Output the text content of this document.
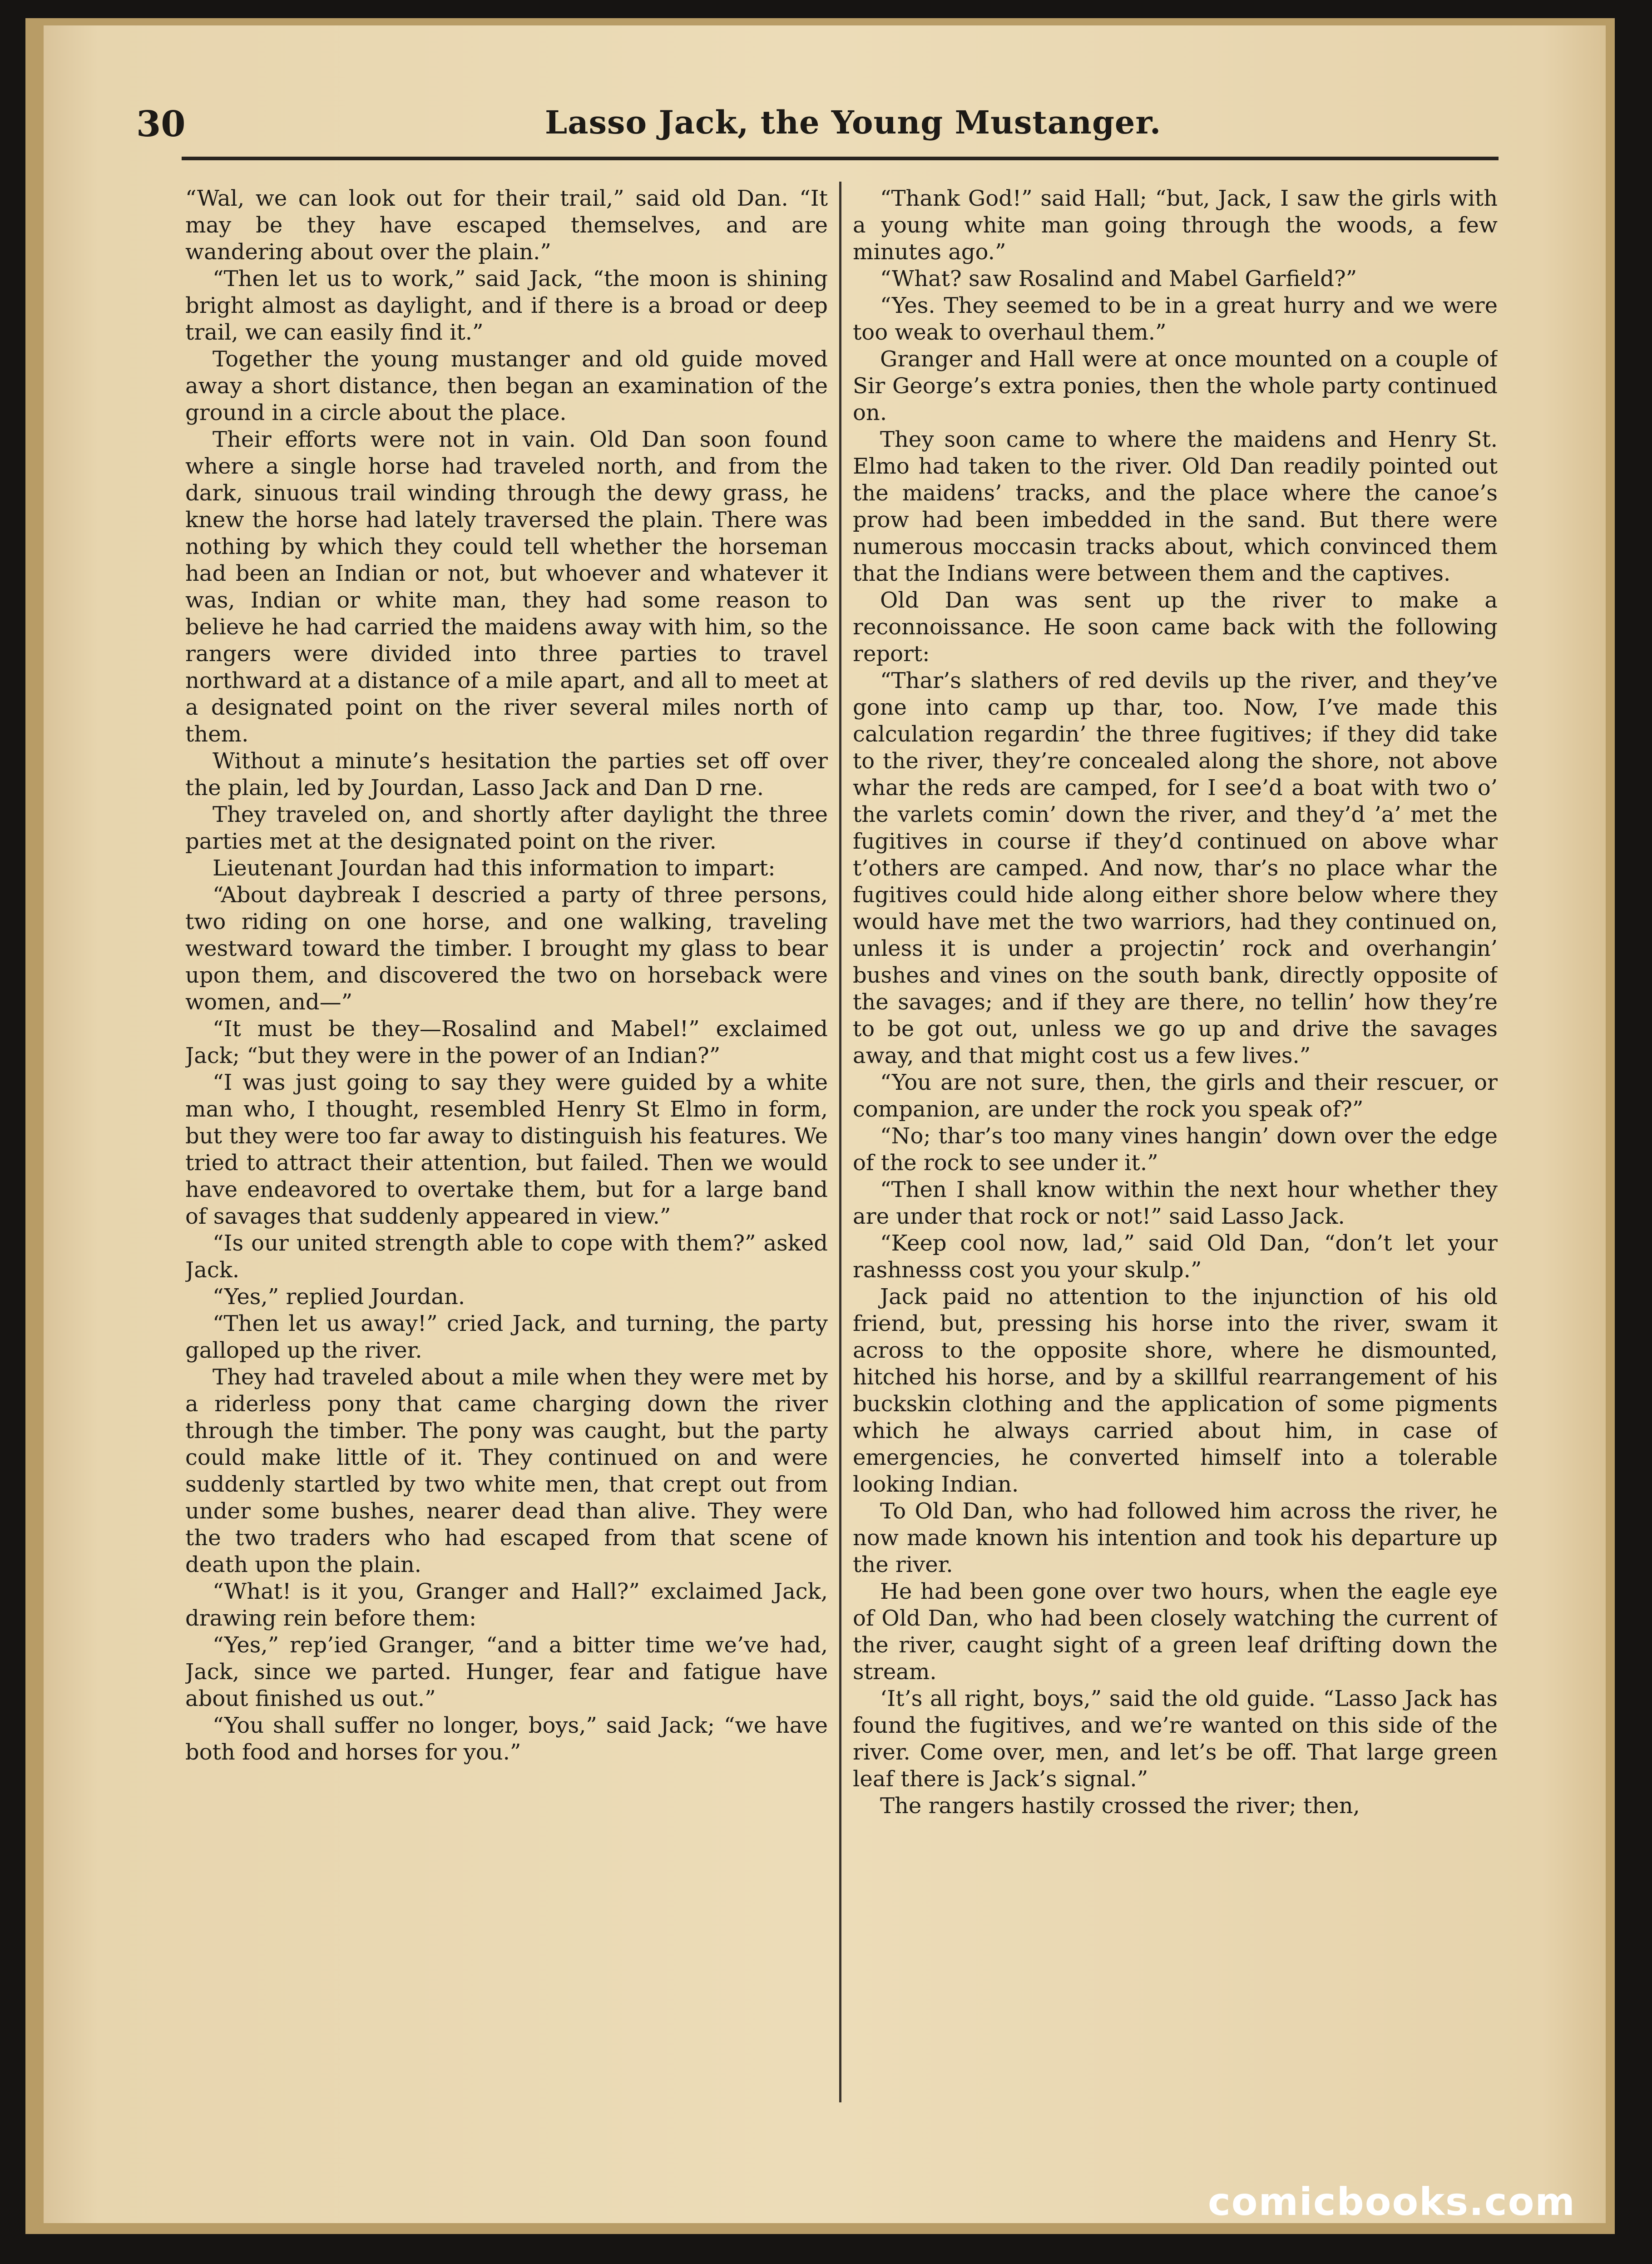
30	Lasso Jack, the Young Mustanger.

“Wal, we can look out for their trail,” said old Dan. “It may be they have escaped themselves, and are wandering about over the plain.”

“Then let us to work,” said Jack, “the moon is shining bright almost as daylight, and if there is a broad or deep trail, we can easily find it.”

Together the young mustanger and old guide moved away a short distance, then began an examination of the ground in a circle about the place.

Their efforts were not in vain. Old Dan soon found where a single horse had traveled north, and from the dark, sinuous trail winding through the dewy grass, he knew the horse had lately traversed the plain. There was nothing by which they could tell whether the horseman had been an Indian or not, but whoever and whatever it was, Indian or white man, they had some reason to believe he had carried the maidens away with him, so the rangers were divided into three parties to travel northward at a distance of a mile apart, and all to meet at a designated point on the river several miles north of them.

Without a minute’s hesitation the parties set off over the plain, led by Jourdan, Lasso Jack and Dan D rne.

They traveled on, and shortly after daylight the three parties met at the designated point on the river.

Lieutenant Jourdan had this information to impart:

“About daybreak I descried a party of three persons, two riding on one horse, and one walking, traveling westward toward the timber. I brought my glass to bear upon them, and discovered the two on horseback were women, and—”

“It must be they—Rosalind and Mabel!” exclaimed Jack; “but they were in the power of an Indian?”

“I was just going to say they were guided by a white man who, I thought, resembled Henry St Elmo in form, but they were too far away to distinguish his features. We tried to attract their attention, but failed. Then we would have endeavored to overtake them, but for a large band of savages that suddenly appeared in view.”

“Is our united strength able to cope with them?” asked Jack.

“Yes,” replied Jourdan.

“Then let us away!” cried Jack, and turning, the party galloped up the river.

They had traveled about a mile when they were met by a riderless pony that came charging down the river through the timber. The pony was caught, but the party could make little of it. They continued on and were suddenly startled by two white men, that crept out from under some bushes, nearer dead than alive. They were the two traders who had escaped from that scene of death upon the plain.

“What! is it you, Granger and Hall?” exclaimed Jack, drawing rein before them:

“Yes,” rep’ied Granger, “and a bitter time we’ve had, Jack, since we parted. Hunger, fear and fatigue have about finished us out.”

“You shall suffer no longer, boys,” said Jack; “we have both food and horses for you.”

“Thank God!” said Hall; “but, Jack, I saw the girls with a young white man going through the woods, a few minutes ago.”

“What? saw Rosalind and Mabel Garfield?”

“Yes. They seemed to be in a great hurry and we were too weak to overhaul them.”

Granger and Hall were at once mounted on a couple of Sir George’s extra ponies, then the whole party continued on.

They soon came to where the maidens and Henry St. Elmo had taken to the river. Old Dan readily pointed out the maidens’ tracks, and the place where the canoe’s prow had been imbedded in the sand. But there were numerous moccasin tracks about, which convinced them that the Indians were between them and the captives.

Old Dan was sent up the river to make a reconnoissance. He soon came back with the following report:

“Thar’s slathers of red devils up the river, and they’ve gone into camp up thar, too. Now, I’ve made this calculation regardin’ the three fugitives; if they did take to the river, they’re concealed along the shore, not above whar the reds are camped, for I see’d a boat with two o’ the varlets comin’ down the river, and they’d ’a’ met the fugitives in course if they’d continued on above whar t’others are camped. And now, thar’s no place whar the fugitives could hide along either shore below where they would have met the two warriors, had they continued on, unless it is under a projectin’ rock and overhangin’ bushes and vines on the south bank, directly opposite of the savages; and if they are there, no tellin’ how they’re to be got out, unless we go up and drive the savages away, and that might cost us a few lives.”

“You are not sure, then, the girls and their rescuer, or companion, are under the rock you speak of?”

“No; thar’s too many vines hangin’ down over the edge of the rock to see under it.”

“Then I shall know within the next hour whether they are under that rock or not!” said Lasso Jack.

“Keep cool now, lad,” said Old Dan, “don’t let your rashnesss cost you your skulp.”

Jack paid no attention to the injunction of his old friend, but, pressing his horse into the river, swam it across to the opposite shore, where he dismounted, hitched his horse, and by a skillful rearrangement of his buckskin clothing and the application of some pigments which he always carried about him, in case of emergencies, he converted himself into a tolerable looking Indian.

To Old Dan, who had followed him across the river, he now made known his intention and took his departure up the river.

He had been gone over two hours, when the eagle eye of Old Dan, who had been closely watching the current of the river, caught sight of a green leaf drifting down the stream.

‘It’s all right, boys,” said the old guide. “Lasso Jack has found the fugitives, and we’re wanted on this side of the river. Come over, men, and let’s be off. That large green leaf there is Jack’s signal.”

The rangers hastily crossed the river; then,

comicbooks.com
